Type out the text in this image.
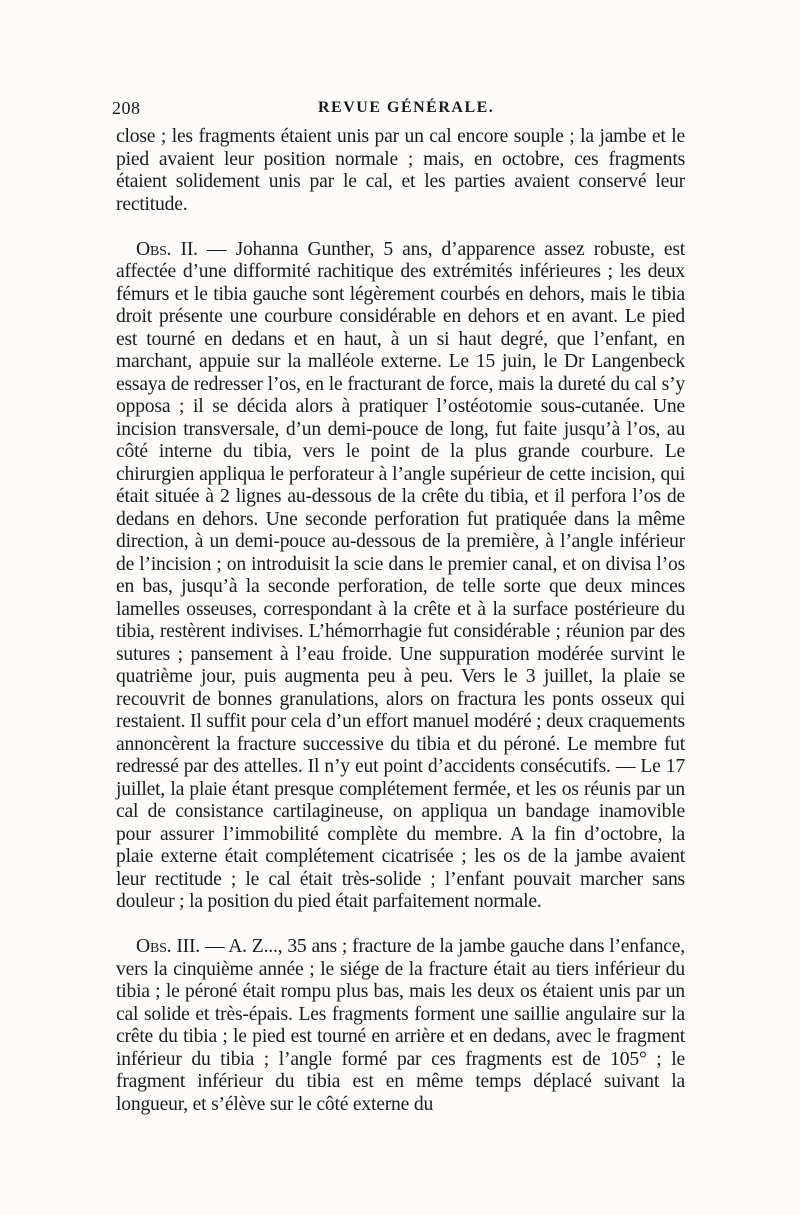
208	REVUE GÉNÉRALE.

close ; les fragments étaient unis par un cal encore souple ; la jambe et le pied avaient leur position normale ; mais, en octobre, ces fragments étaient solidement unis par le cal, et les parties avaient conservé leur rectitude.

Obs. II. — Johanna Gunther, 5 ans, d’apparence assez robuste, est affectée d’une difformité rachitique des extrémités inférieures ; les deux fémurs et le tibia gauche sont légèrement courbés en dehors, mais le tibia droit présente une courbure considérable en dehors et en avant. Le pied est tourné en dedans et en haut, à un si haut degré, que l’enfant, en marchant, appuie sur la malléole externe. Le 15 juin, le Dr Langenbeck essaya de redresser l’os, en le fracturant de force, mais la dureté du cal s’y opposa ; il se décida alors à pratiquer l’ostéotomie sous-cutanée. Une incision transversale, d’un demi-pouce de long, fut faite jusqu’à l’os, au côté interne du tibia, vers le point de la plus grande courbure. Le chirurgien appliqua le perforateur à l’angle supérieur de cette incision, qui était située à 2 lignes au-dessous de la crête du tibia, et il perfora l’os de dedans en dehors. Une seconde perforation fut pratiquée dans la même direction, à un demi-pouce au-dessous de la première, à l’angle inférieur de l’incision ; on introduisit la scie dans le premier canal, et on divisa l’os en bas, jusqu’à la seconde perforation, de telle sorte que deux minces lamelles osseuses, correspondant à la crête et à la surface postérieure du tibia, restèrent indivises. L’hémorrhagie fut considérable ; réunion par des sutures ; pansement à l’eau froide. Une suppuration modérée survint le quatrième jour, puis augmenta peu à peu. Vers le 3 juillet, la plaie se recouvrit de bonnes granulations, alors on fractura les ponts osseux qui restaient. Il suffit pour cela d’un effort manuel modéré ; deux craquements annoncèrent la fracture successive du tibia et du péroné. Le membre fut redressé par des attelles. Il n’y eut point d’accidents consécutifs. — Le 17 juillet, la plaie étant presque complétement fermée, et les os réunis par un cal de consistance cartilagineuse, on appliqua un bandage inamovible pour assurer l’immobilité complète du membre. A la fin d’octobre, la plaie externe était complétement cicatrisée ; les os de la jambe avaient leur rectitude ; le cal était très-solide ; l’enfant pouvait marcher sans douleur ; la position du pied était parfaitement normale.

Obs. III. — A. Z..., 35 ans ; fracture de la jambe gauche dans l’enfance, vers la cinquième année ; le siége de la fracture était au tiers inférieur du tibia ; le péroné était rompu plus bas, mais les deux os étaient unis par un cal solide et très-épais. Les fragments forment une saillie angulaire sur la crête du tibia ; le pied est tourné en arrière et en dedans, avec le fragment inférieur du tibia ; l’angle formé par ces fragments est de 105° ; le fragment inférieur du tibia est en même temps déplacé suivant la longueur, et s’élève sur le côté externe du
